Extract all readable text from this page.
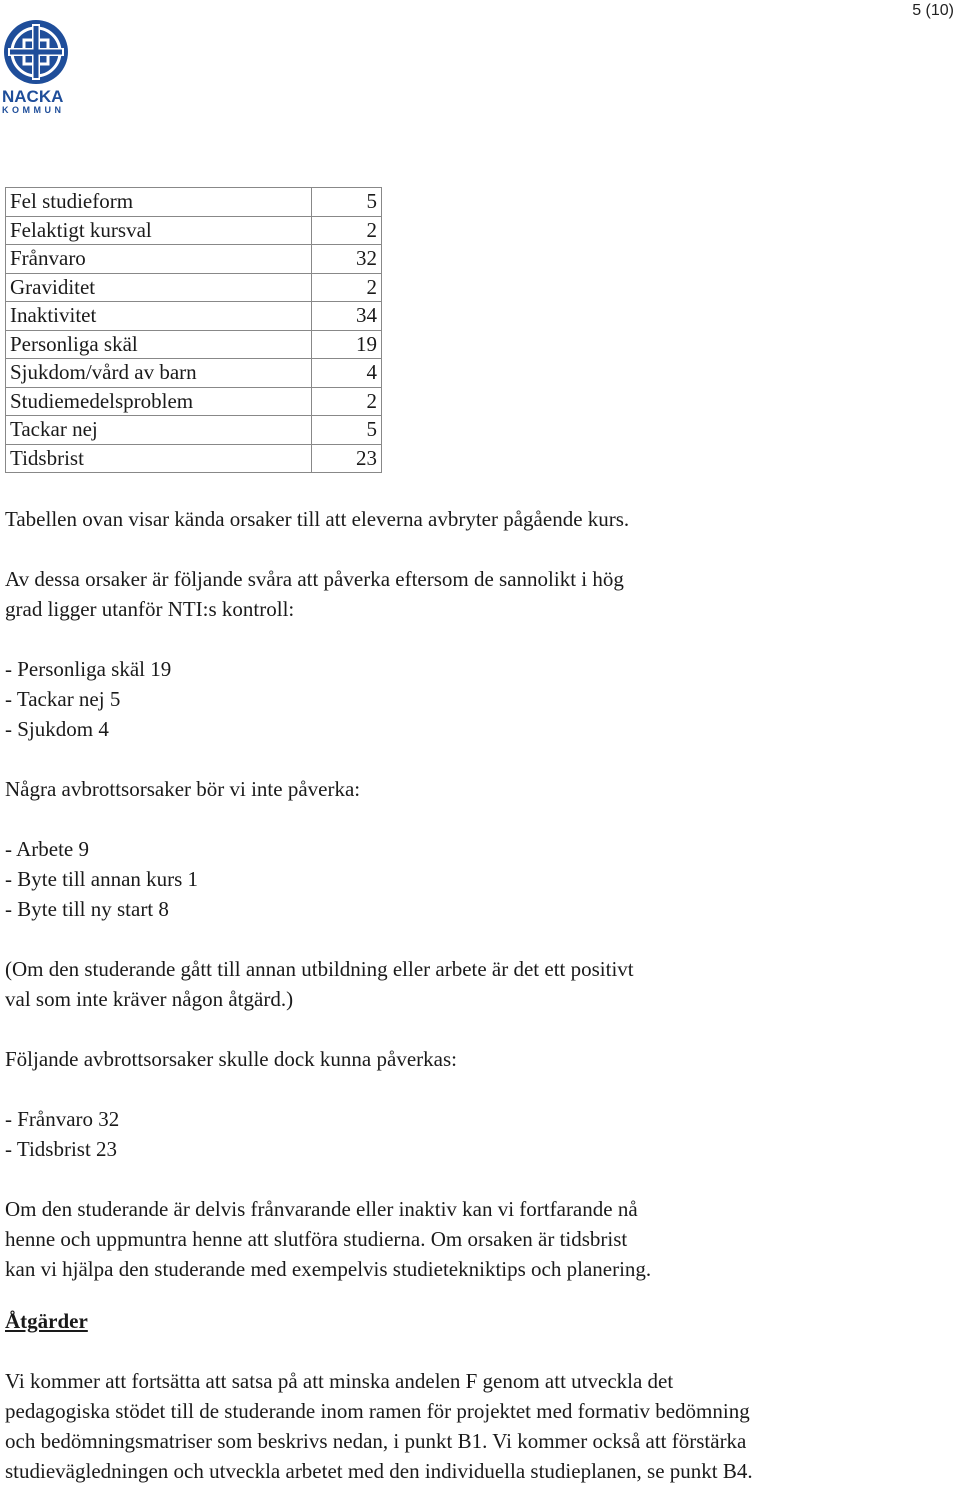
5 (10)
NACKA
KOMMUN
Fel studieform	5
Felaktigt kursval	2
Frånvaro	32
Graviditet	2
Inaktivitet	34
Personliga skäl	19
Sjukdom/vård av barn	4
Studiemedelsproblem	2
Tackar nej	5
Tidsbrist	23

Tabellen ovan visar kända orsaker till att eleverna avbryter pågående kurs.

Av dessa orsaker är följande svåra att påverka eftersom de sannolikt i hög
grad ligger utanför NTI:s kontroll:

- Personliga skäl 19
- Tackar nej 5
- Sjukdom 4

Några avbrottsorsaker bör vi inte påverka:

- Arbete 9
- Byte till annan kurs 1
- Byte till ny start 8

(Om den studerande gått till annan utbildning eller arbete är det ett positivt
val som inte kräver någon åtgärd.)

Följande avbrottsorsaker skulle dock kunna påverkas:

- Frånvaro 32
- Tidsbrist 23

Om den studerande är delvis frånvarande eller inaktiv kan vi fortfarande nå
henne och uppmuntra henne att slutföra studierna. Om orsaken är tidsbrist
kan vi hjälpa den studerande med exempelvis studietekniktips och planering.

Åtgärder

Vi kommer att fortsätta att satsa på att minska andelen F genom att utveckla det
pedagogiska stödet till de studerande inom ramen för projektet med formativ bedömning
och bedömningsmatriser som beskrivs nedan, i punkt B1. Vi kommer också att förstärka
studievägledningen och utveckla arbetet med den individuella studieplanen, se punkt B4.
